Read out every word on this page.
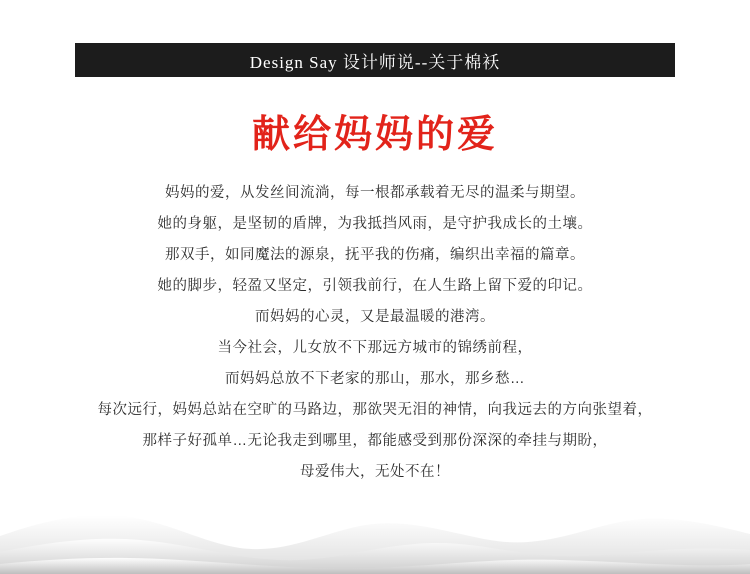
Design Say 设计师说--关于棉袄
献给妈妈的爱
妈妈的爱，从发丝间流淌，每一根都承载着无尽的温柔与期望。
她的身躯，是坚韧的盾牌，为我抵挡风雨，是守护我成长的土壤。
那双手，如同魔法的源泉，抚平我的伤痛，编织出幸福的篇章。
她的脚步，轻盈又坚定，引领我前行，在人生路上留下爱的印记。
而妈妈的心灵，又是最温暖的港湾。
当今社会，儿女放不下那远方城市的锦绣前程，
而妈妈总放不下老家的那山，那水，那乡愁…
每次远行，妈妈总站在空旷的马路边，那欲哭无泪的神情，向我远去的方向张望着，
那样子好孤单…无论我走到哪里，都能感受到那份深深的牵挂与期盼，
母爱伟大，无处不在！
